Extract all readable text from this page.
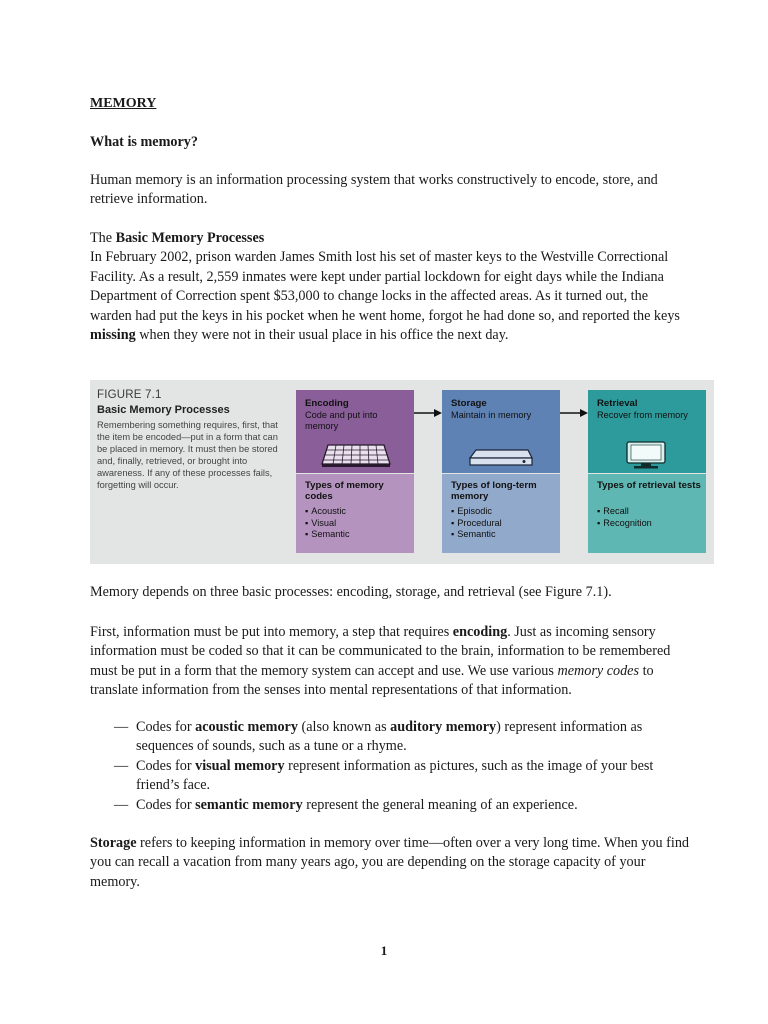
MEMORY

What is memory?

Human memory is an information processing system that works constructively to encode, store, and retrieve information.

The Basic Memory Processes
In February 2002, prison warden James Smith lost his set of master keys to the Westville Correctional Facility. As a result, 2,559 inmates were kept under partial lockdown for eight days while the Indiana Department of Correction spent $53,000 to change locks in the affected areas. As it turned out, the warden had put the keys in his pocket when he went home, forgot he had done so, and reported the keys missing when they were not in their usual place in his office the next day.

FIGURE 7.1
Basic Memory Processes
Remembering something requires, first, that the item be encoded—put in a form that can be placed in memory. It must then be stored and, finally, retrieved, or brought into awareness. If any of these processes fails, forgetting will occur.
Encoding
Code and put into memory
Types of memory codes
▪ Acoustic
▪ Visual
▪ Semantic
Storage
Maintain in memory
Types of long-term memory
▪ Episodic
▪ Procedural
▪ Semantic
Retrieval
Recover from memory
Types of retrieval tests
▪ Recall
▪ Recognition

Memory depends on three basic processes: encoding, storage, and retrieval (see Figure 7.1).

First, information must be put into memory, a step that requires encoding. Just as incoming sensory information must be coded so that it can be communicated to the brain, information to be remembered must be put in a form that the memory system can accept and use. We use various memory codes to translate information from the senses into mental representations of that information.

— Codes for acoustic memory (also known as auditory memory) represent information as sequences of sounds, such as a tune or a rhyme.
— Codes for visual memory represent information as pictures, such as the image of your best friend’s face.
— Codes for semantic memory represent the general meaning of an experience.

Storage refers to keeping information in memory over time—often over a very long time. When you find you can recall a vacation from many years ago, you are depending on the storage capacity of your memory.

1
